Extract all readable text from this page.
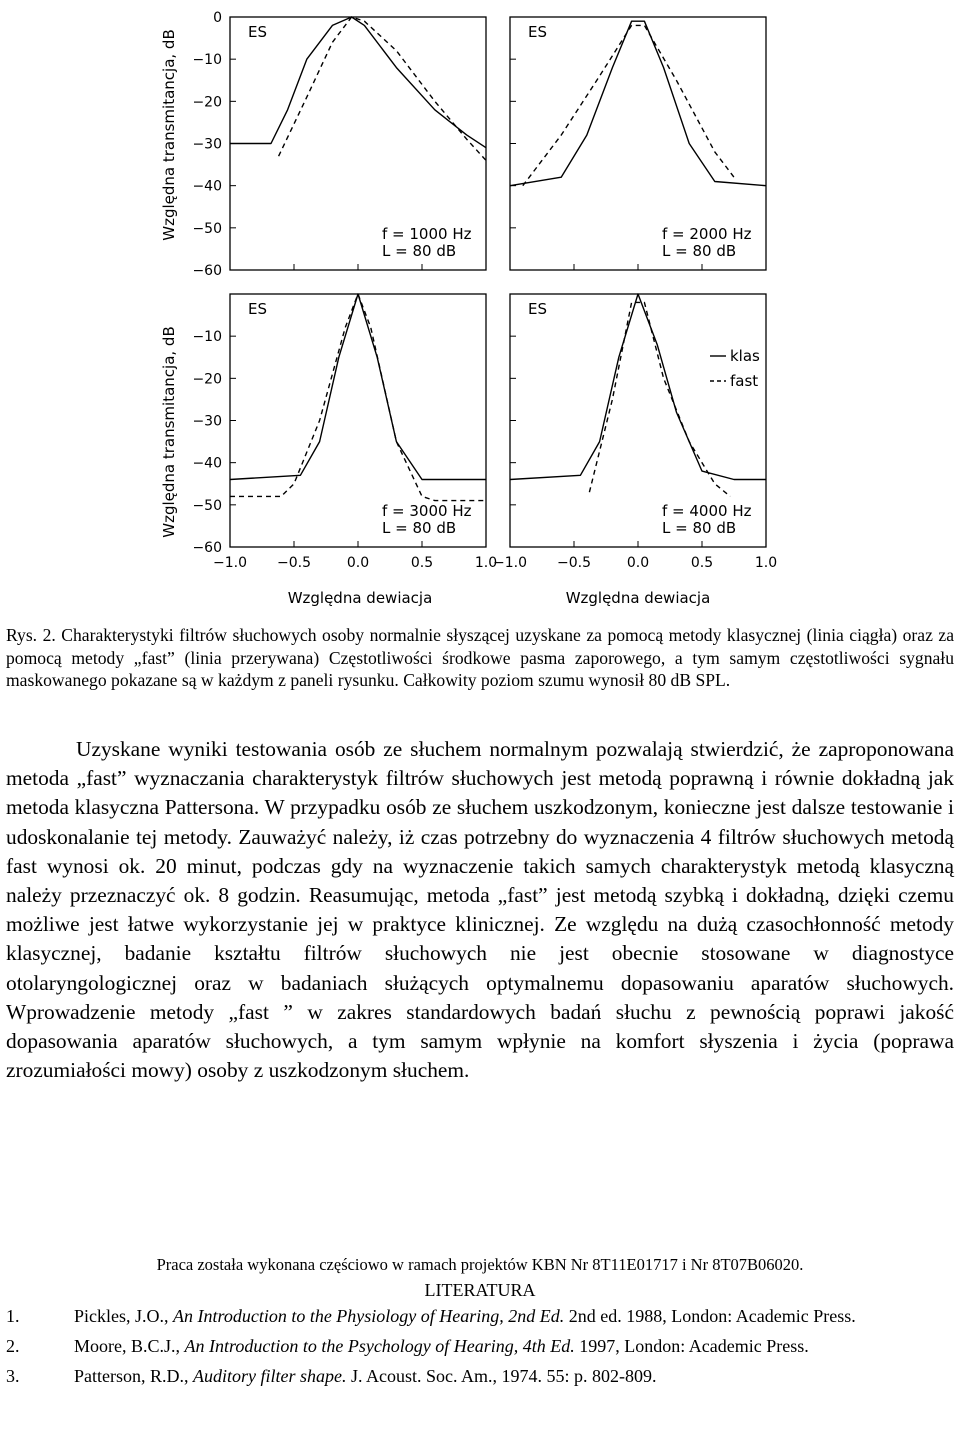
Względna transmitancja, dB
Względna transmitancja, dB
Względna dewiacja	Względna dewiacja
klas
fast
0
−10
−20
−30
−40
−50
−60
ES
f = 1000 Hz
L = 80 dB
ES
f = 2000 Hz
L = 80 dB
−10
−20
−30
−40
−50
−60
−1.0 −0.5	0.0	0.5	1.0
ES
f = 3000 Hz
L = 80 dB
−1.0 −0.5	0.0	0.5	1.0
ES
f = 4000 Hz
L = 80 dB

Rys. 2. Charakterystyki filtrów słuchowych osoby normalnie słyszącej uzyskane za pomocą metody klasycznej (linia ciągła) oraz za pomocą metody „fast” (linia przerywana) Częstotliwości środkowe pasma zaporowego, a tym samym częstotliwości sygnału maskowanego pokazane są w każdym z paneli rysunku. Całkowity poziom szumu wynosił 80 dB SPL.

Uzyskane wyniki testowania osób ze słuchem normalnym pozwalają stwierdzić, że zaproponowana metoda „fast” wyznaczania charakterystyk filtrów słuchowych jest metodą poprawną i równie dokładną jak metoda klasyczna Pattersona. W przypadku osób ze słuchem uszkodzonym, konieczne jest dalsze testowanie i udoskonalanie tej metody. Zauważyć należy, iż czas potrzebny do wyznaczenia 4 filtrów słuchowych metodą fast wynosi ok. 20 minut, podczas gdy na wyznaczenie takich samych charakterystyk metodą klasyczną należy przeznaczyć ok. 8 godzin. Reasumując, metoda „fast” jest metodą szybką i dokładną, dzięki czemu możliwe jest łatwe wykorzystanie jej w praktyce klinicznej. Ze względu na dużą czasochłonność metody klasycznej, badanie kształtu filtrów słuchowych nie jest obecnie stosowane w diagnostyce otolaryngologicznej oraz w badaniach służących optymalnemu dopasowaniu aparatów słuchowych. Wprowadzenie metody „fast ” w zakres standardowych badań słuchu z pewnością poprawi jakość dopasowania aparatów słuchowych, a tym samym wpłynie na komfort słyszenia i życia (poprawa zrozumiałości mowy) osoby z uszkodzonym słuchem.

Praca została wykonana częściowo w ramach projektów KBN Nr 8T11E01717 i Nr 8T07B06020.

LITERATURA

1.	Pickles, J.O., An Introduction to the Physiology of Hearing, 2nd Ed. 2nd ed. 1988, London: Academic Press.
2.	Moore, B.C.J., An Introduction to the Psychology of Hearing, 4th Ed. 1997, London: Academic Press.
3.	Patterson, R.D., Auditory filter shape. J. Acoust. Soc. Am., 1974. 55: p. 802-809.
